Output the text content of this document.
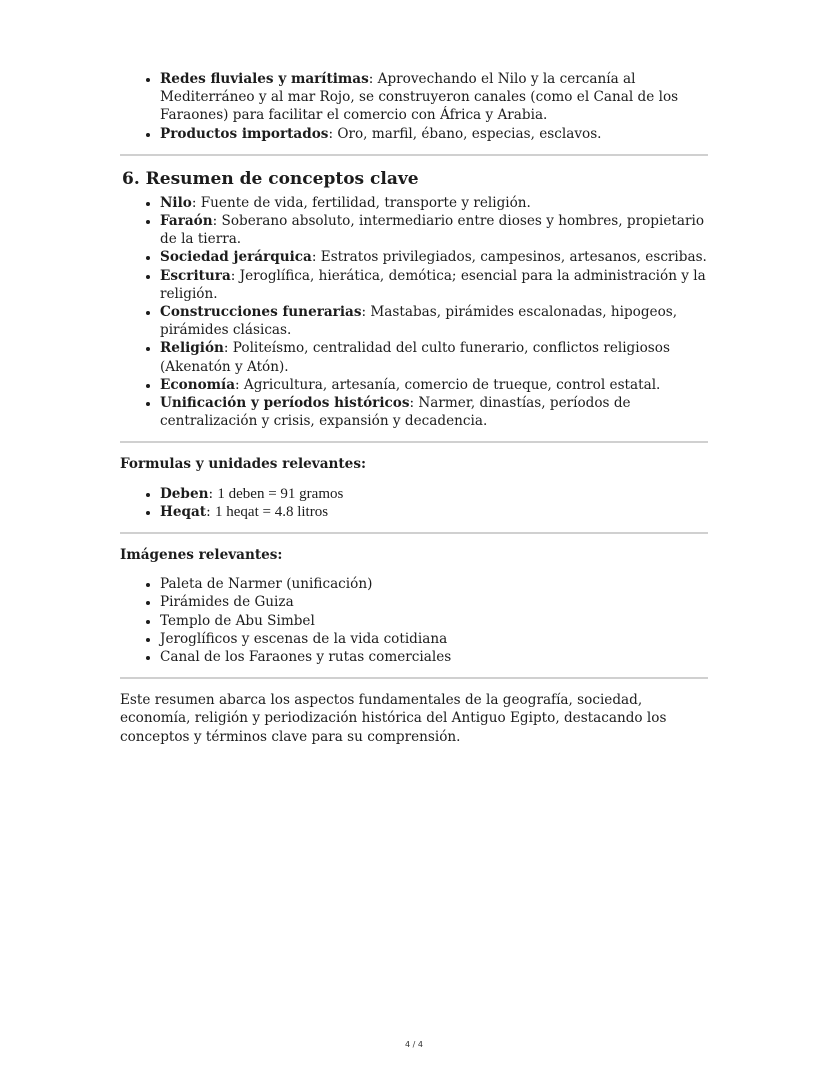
• Redes fluviales y marítimas: Aprovechando el Nilo y la cercanía al Mediterráneo y al mar Rojo, se construyeron canales (como el Canal de los Faraones) para facilitar el comercio con África y Arabia.
• Productos importados: Oro, marfil, ébano, especias, esclavos.
6. Resumen de conceptos clave
• Nilo: Fuente de vida, fertilidad, transporte y religión.
• Faraón: Soberano absoluto, intermediario entre dioses y hombres, propietario de la tierra.
• Sociedad jerárquica: Estratos privilegiados, campesinos, artesanos, escribas.
• Escritura: Jeroglífica, hierática, demótica; esencial para la administración y la religión.
• Construcciones funerarias: Mastabas, pirámides escalonadas, hipogeos, pirámides clásicas.
• Religión: Politeísmo, centralidad del culto funerario, conflictos religiosos (Akenatón y Atón).
• Economía: Agricultura, artesanía, comercio de trueque, control estatal.
• Unificación y períodos históricos: Narmer, dinastías, períodos de centralización y crisis, expansión y decadencia.

Formulas y unidades relevantes:

• Deben: 1 deben = 91 gramos
• Heqat: 1 heqat = 4.8 litros

Imágenes relevantes:

• Paleta de Narmer (unificación)
• Pirámides de Guiza
• Templo de Abu Simbel
• Jeroglíficos y escenas de la vida cotidiana
• Canal de los Faraones y rutas comerciales

Este resumen abarca los aspectos fundamentales de la geografía, sociedad, economía, religión y periodización histórica del Antiguo Egipto, destacando los conceptos y términos clave para su comprensión.

4 / 4
